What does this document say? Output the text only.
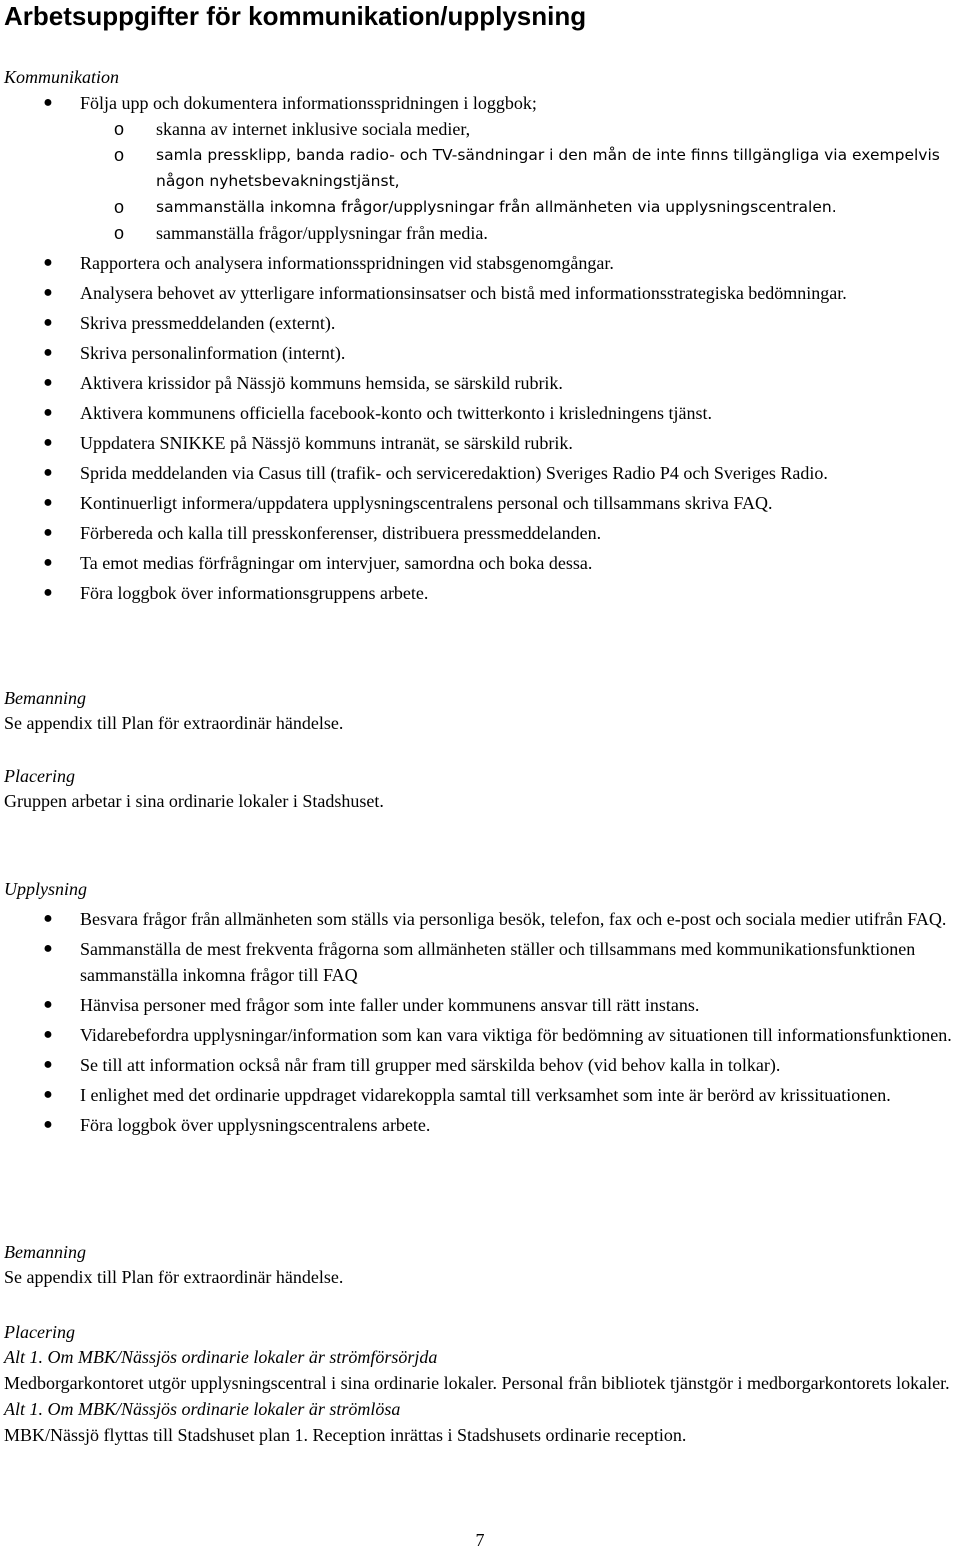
Arbetsuppgifter för kommunikation/upplysning

Kommunikation

● Följa upp och dokumentera informationsspridningen i loggbok;
o skanna av internet inklusive sociala medier,
o samla pressklipp, banda radio- och TV-sändningar i den mån de inte finns tillgängliga via exempelvis någon nyhetsbevakningstjänst,
o sammanställa inkomna frågor/upplysningar från allmänheten via upplysningscentralen.
o sammanställa frågor/upplysningar från media.
● Rapportera och analysera informationsspridningen vid stabsgenomgångar.
● Analysera behovet av ytterligare informationsinsatser och bistå med informationsstrategiska bedömningar.
● Skriva pressmeddelanden (externt).
● Skriva personalinformation (internt).
● Aktivera krissidor på Nässjö kommuns hemsida, se särskild rubrik.
● Aktivera kommunens officiella facebook-konto och twitterkonto i krisledningens tjänst.
● Uppdatera SNIKKE på Nässjö kommuns intranät, se särskild rubrik.
● Sprida meddelanden via Casus till (trafik- och serviceredaktion) Sveriges Radio P4 och Sveriges Radio.
● Kontinuerligt informera/uppdatera upplysningscentralens personal och tillsammans skriva FAQ.
● Förbereda och kalla till presskonferenser, distribuera pressmeddelanden.
● Ta emot medias förfrågningar om intervjuer, samordna och boka dessa.
● Föra loggbok över informationsgruppens arbete.

Bemanning

Se appendix till Plan för extraordinär händelse.

Placering

Gruppen arbetar i sina ordinarie lokaler i Stadshuset.

Upplysning

● Besvara frågor från allmänheten som ställs via personliga besök, telefon, fax och e-post och sociala medier utifrån FAQ.
● Sammanställa de mest frekventa frågorna som allmänheten ställer och tillsammans med kommunikationsfunktionen sammanställa inkomna frågor till FAQ
● Hänvisa personer med frågor som inte faller under kommunens ansvar till rätt instans.
● Vidarebefordra upplysningar/information som kan vara viktiga för bedömning av situationen till informationsfunktionen.
● Se till att information också når fram till grupper med särskilda behov (vid behov kalla in tolkar).
● I enlighet med det ordinarie uppdraget vidarekoppla samtal till verksamhet som inte är berörd av krissituationen.
● Föra loggbok över upplysningscentralens arbete.

Bemanning

Se appendix till Plan för extraordinär händelse.

Placering

Alt 1. Om MBK/Nässjös ordinarie lokaler är strömförsörjda

Medborgarkontoret utgör upplysningscentral i sina ordinarie lokaler. Personal från bibliotek tjänstgör i medborgarkontorets lokaler.

Alt 1. Om MBK/Nässjös ordinarie lokaler är strömlösa

MBK/Nässjö flyttas till Stadshuset plan 1. Reception inrättas i Stadshusets ordinarie reception.

7
